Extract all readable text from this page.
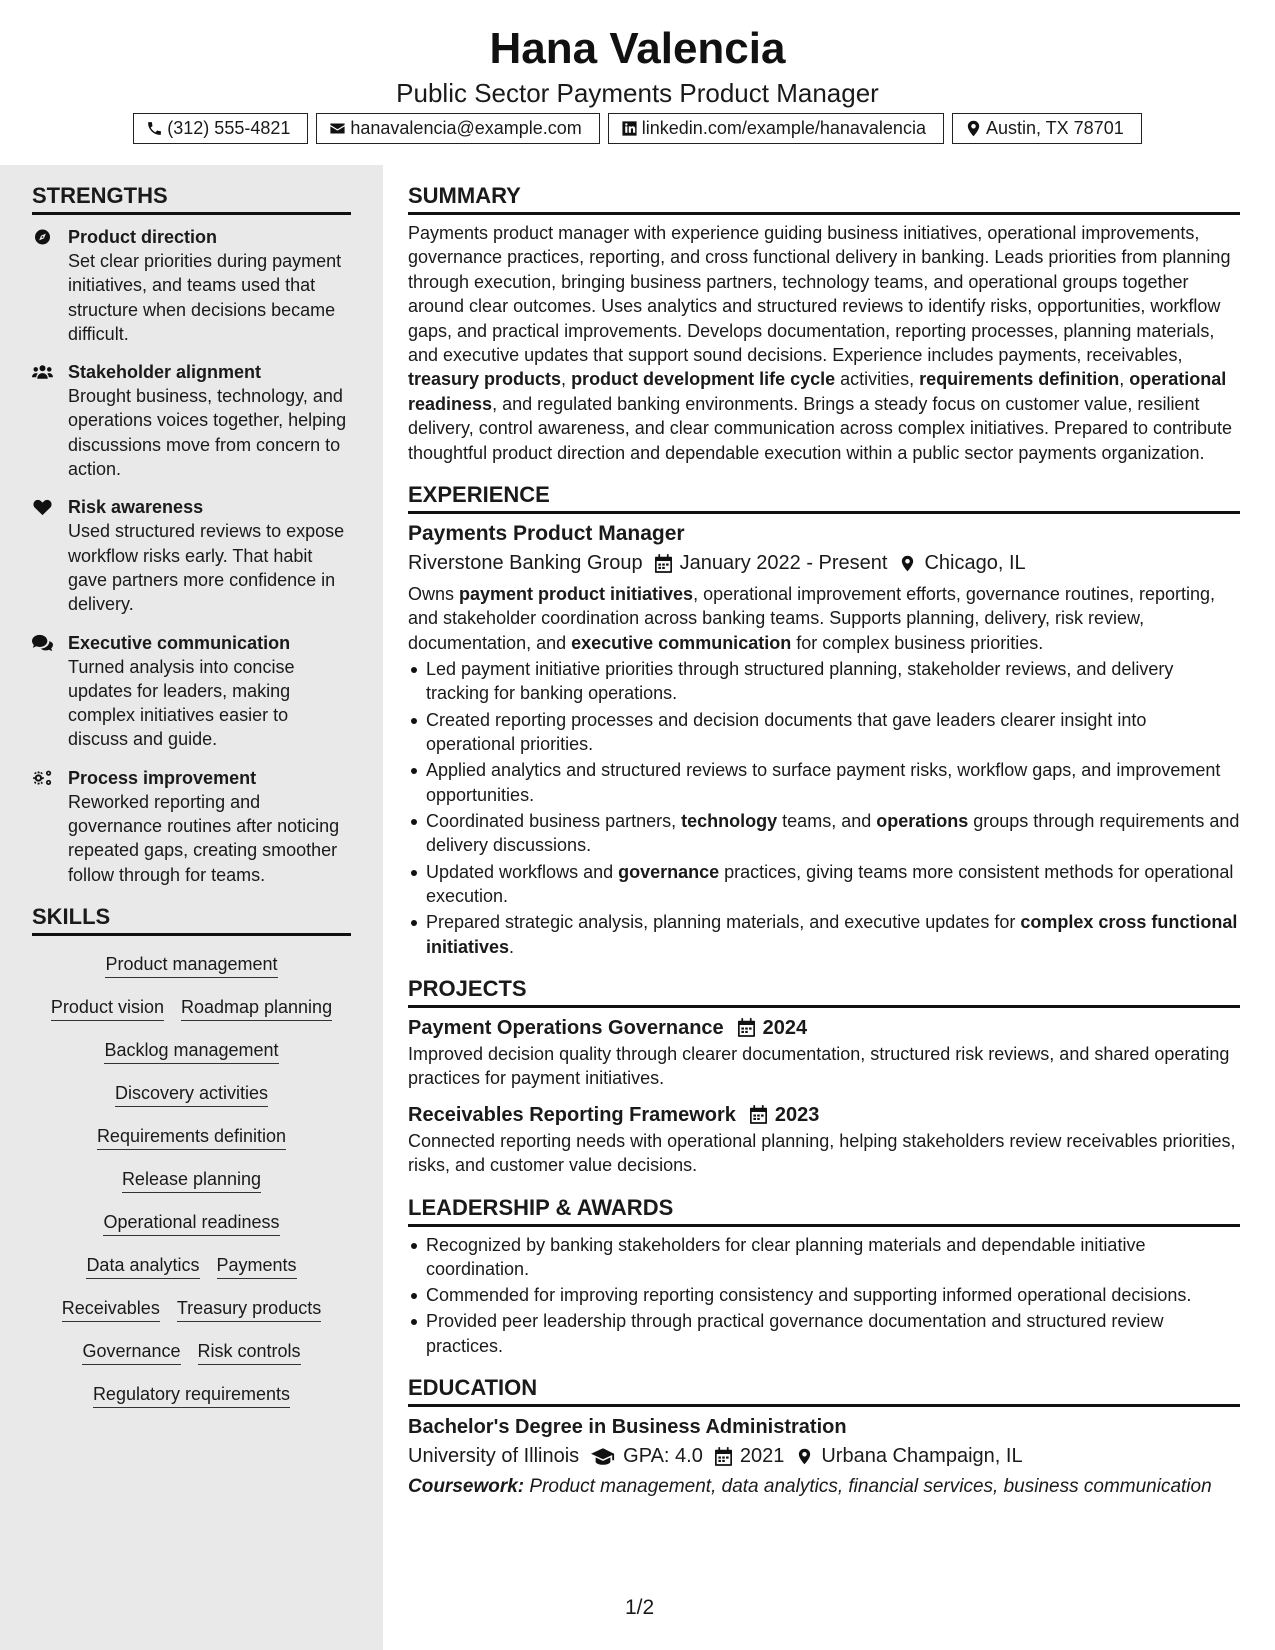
Hana Valencia
Public Sector Payments Product Manager
(312) 555-4821	hanavalencia@example.com	linkedin.com/example/hanavalencia	Austin, TX 78701
STRENGTHS
Product direction
Set clear priorities during payment initiatives, and teams used that structure when decisions became difficult.
Stakeholder alignment
Brought business, technology, and operations voices together, helping discussions move from concern to action.
Risk awareness
Used structured reviews to expose workflow risks early. That habit gave partners more confidence in delivery.
Executive communication
Turned analysis into concise updates for leaders, making complex initiatives easier to discuss and guide.
Process improvement
Reworked reporting and governance routines after noticing repeated gaps, creating smoother follow through for teams.
SKILLS
Product management
Product vision Roadmap planning
Backlog management
Discovery activities
Requirements definition
Release planning
Operational readiness
Data analytics Payments
Receivables Treasury products
Governance Risk controls
Regulatory requirements
SUMMARY
Payments product manager with experience guiding business initiatives, operational improvements, governance practices, reporting, and cross functional delivery in banking. Leads priorities from planning through execution, bringing business partners, technology teams, and operational groups together around clear outcomes. Uses analytics and structured reviews to identify risks, opportunities, workflow gaps, and practical improvements. Develops documentation, reporting processes, planning materials, and executive updates that support sound decisions. Experience includes payments, receivables, treasury products, product development life cycle activities, requirements definition, operational readiness, and regulated banking environments. Brings a steady focus on customer value, resilient delivery, control awareness, and clear communication across complex initiatives. Prepared to contribute thoughtful product direction and dependable execution within a public sector payments organization.
EXPERIENCE
Payments Product Manager
Riverstone Banking Group January 2022 - Present Chicago, IL
Owns payment product initiatives, operational improvement efforts, governance routines, reporting, and stakeholder coordination across banking teams. Supports planning, delivery, risk review, documentation, and executive communication for complex business priorities.
Led payment initiative priorities through structured planning, stakeholder reviews, and delivery tracking for banking operations.
Created reporting processes and decision documents that gave leaders clearer insight into operational priorities.
Applied analytics and structured reviews to surface payment risks, workflow gaps, and improvement opportunities.
Coordinated business partners, technology teams, and operations groups through requirements and delivery discussions.
Updated workflows and governance practices, giving teams more consistent methods for operational execution.
Prepared strategic analysis, planning materials, and executive updates for complex cross functional initiatives.
PROJECTS
Payment Operations Governance 2024
Improved decision quality through clearer documentation, structured risk reviews, and shared operating practices for payment initiatives.
Receivables Reporting Framework 2023
Connected reporting needs with operational planning, helping stakeholders review receivables priorities, risks, and customer value decisions.
LEADERSHIP & AWARDS
Recognized by banking stakeholders for clear planning materials and dependable initiative coordination.
Commended for improving reporting consistency and supporting informed operational decisions.
Provided peer leadership through practical governance documentation and structured review practices.
EDUCATION
Bachelor's Degree in Business Administration
University of Illinois GPA: 4.0 2021 Urbana Champaign, IL
Coursework: Product management, data analytics, financial services, business communication
1/2
